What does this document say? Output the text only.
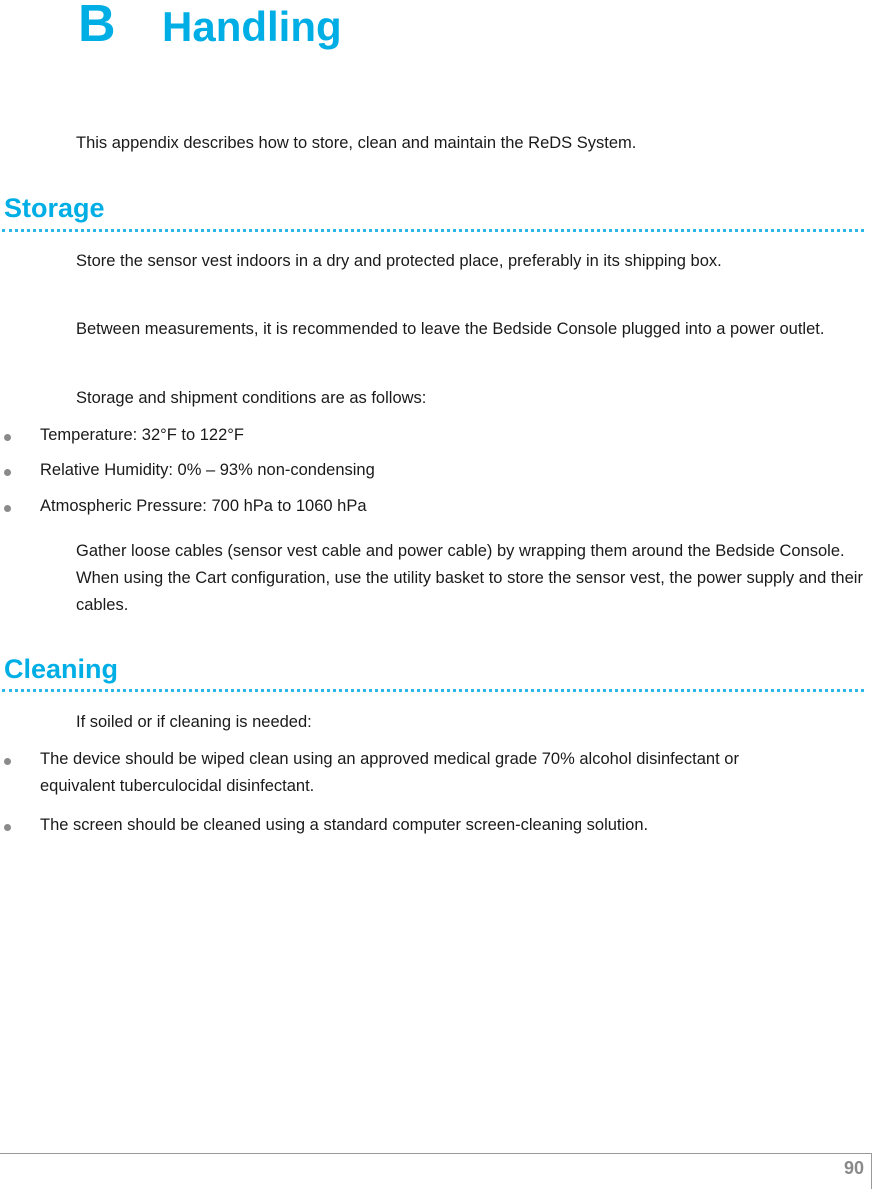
B Handling

This appendix describes how to store, clean and maintain the ReDS System.

Storage

Store the sensor vest indoors in a dry and protected place, preferably in its shipping box.

Between measurements, it is recommended to leave the Bedside Console plugged into a power outlet.

Storage and shipment conditions are as follows:

Temperature: 32°F to 122°F

Relative Humidity: 0% – 93% non-condensing

Atmospheric Pressure: 700 hPa to 1060 hPa

Gather loose cables (sensor vest cable and power cable) by wrapping them around the Bedside Console. When using the Cart configuration, use the utility basket to store the sensor vest, the power supply and their cables.

Cleaning

If soiled or if cleaning is needed:

The device should be wiped clean using an approved medical grade 70% alcohol disinfectant or equivalent tuberculocidal disinfectant.

The screen should be cleaned using a standard computer screen-cleaning solution.

90
